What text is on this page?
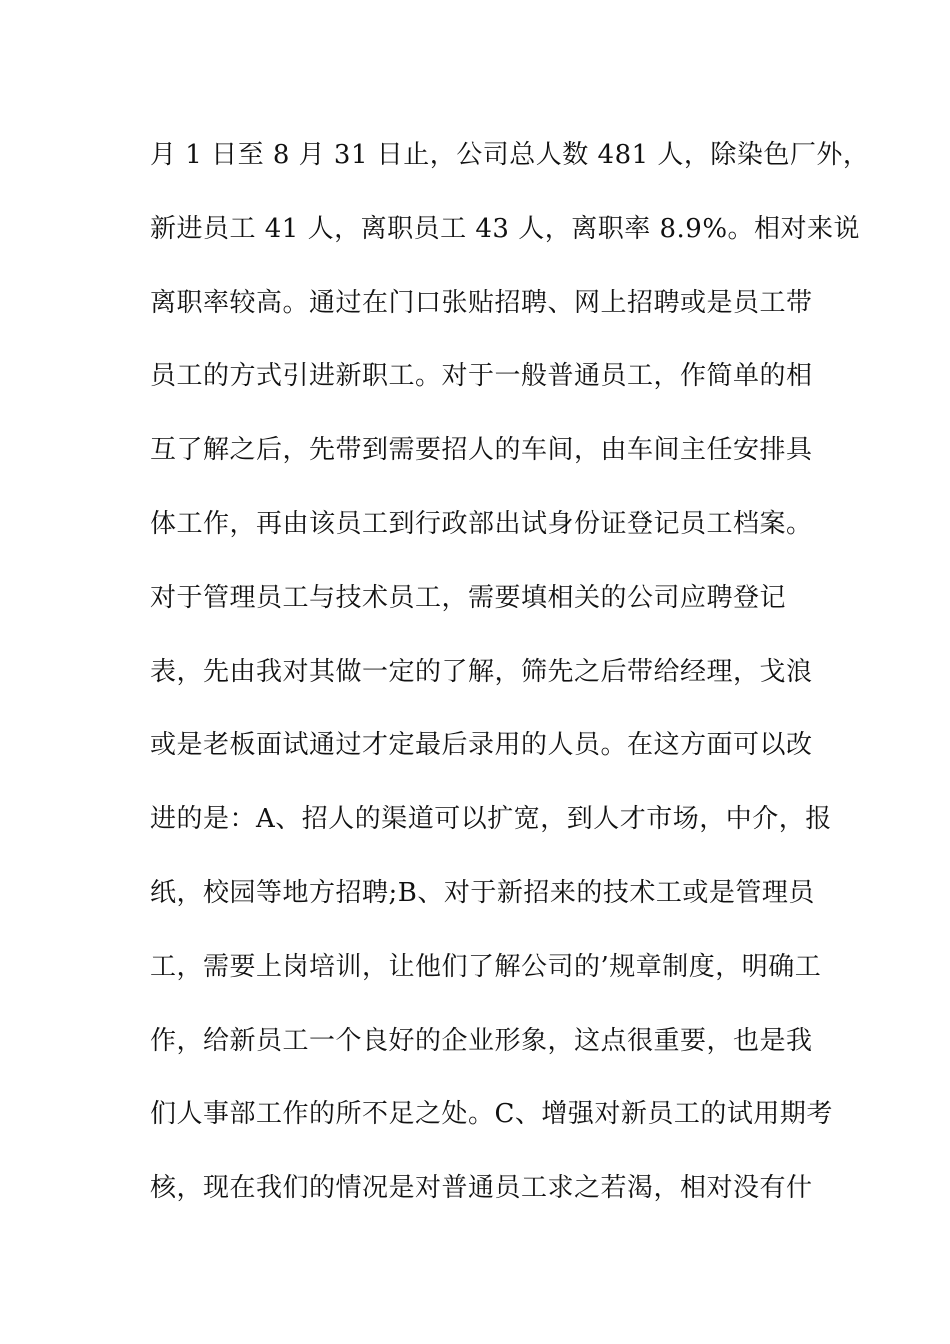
月 1 日至 8 月 31 日止，公司总人数 481 人，除染色厂外，
新进员工 41 人，离职员工 43 人，离职率 8.9%。相对来说
离职率较高。通过在门口张贴招聘、网上招聘或是员工带
员工的方式引进新职工。对于一般普通员工，作简单的相
互了解之后，先带到需要招人的车间，由车间主任安排具
体工作，再由该员工到行政部出试身份证登记员工档案。
对于管理员工与技术员工，需要填相关的公司应聘登记
表，先由我对其做一定的了解，筛先之后带给经理，戈浪
或是老板面试通过才定最后录用的人员。在这方面可以改
进的是：A、招人的渠道可以扩宽，到人才市场，中介，报
纸，校园等地方招聘;B、对于新招来的技术工或是管理员
工，需要上岗培训，让他们了解公司的’规章制度，明确工
作，给新员工一个良好的企业形象，这点很重要，也是我
们人事部工作的所不足之处。C、增强对新员工的试用期考
核，现在我们的情况是对普通员工求之若渴，相对没有什
